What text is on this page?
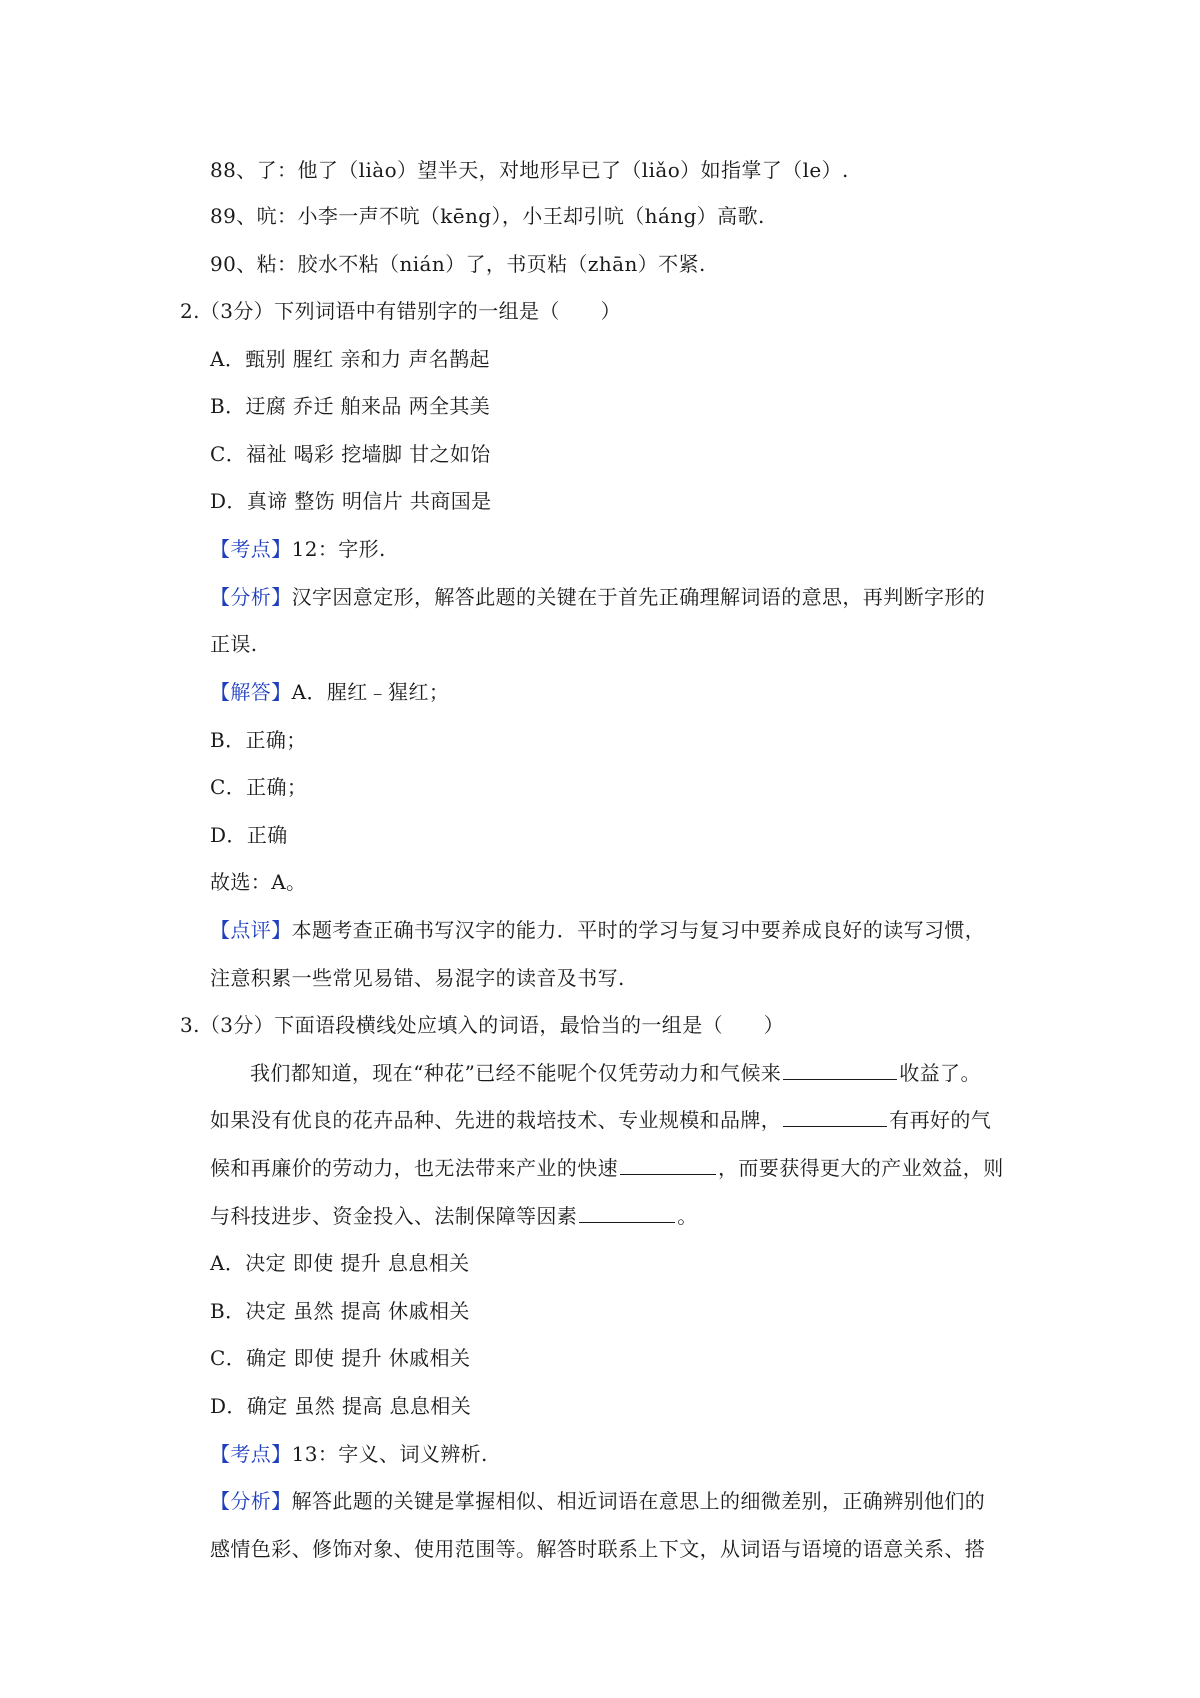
88、了：他了（liào）望半天，对地形早已了（liǎo）如指掌了（le）.
89、吭：小李一声不吭（kēng），小王却引吭（háng）高歌.
90、粘：胶水不粘（nián）了，书页粘（zhān）不紧.
2.（3分）下列词语中有错别字的一组是（　　）
A．甄别 腥红 亲和力 声名鹊起
B．迂腐 乔迁 舶来品 两全其美
C．福祉 喝彩 挖墙脚 甘之如饴
D．真谛 整饬 明信片 共商国是
【考点】12：字形.
【分析】汉字因意定形，解答此题的关键在于首先正确理解词语的意思，再判断字形的
正误.
【解答】A．腥红﹣猩红；
B．正确；
C．正确；
D．正确
故选：A。
【点评】本题考查正确书写汉字的能力．平时的学习与复习中要养成良好的读写习惯，
注意积累一些常见易错、易混字的读音及书写.
3.（3分）下面语段横线处应填入的词语，最恰当的一组是（　　）
我们都知道，现在“种花”已经不能呢个仅凭劳动力和气候来	收益了。
如果没有优良的花卉品种、先进的栽培技术、专业规模和品牌，	有再好的气
候和再廉价的劳动力，也无法带来产业的快速	，而要获得更大的产业效益，则
与科技进步、资金投入、法制保障等因素	。
A．决定 即使 提升 息息相关
B．决定 虽然 提高 休戚相关
C．确定 即使 提升 休戚相关
D．确定 虽然 提高 息息相关
【考点】13：字义、词义辨析.
【分析】解答此题的关键是掌握相似、相近词语在意思上的细微差别，正确辨别他们的
感情色彩、修饰对象、使用范围等。解答时联系上下文，从词语与语境的语意关系、搭
